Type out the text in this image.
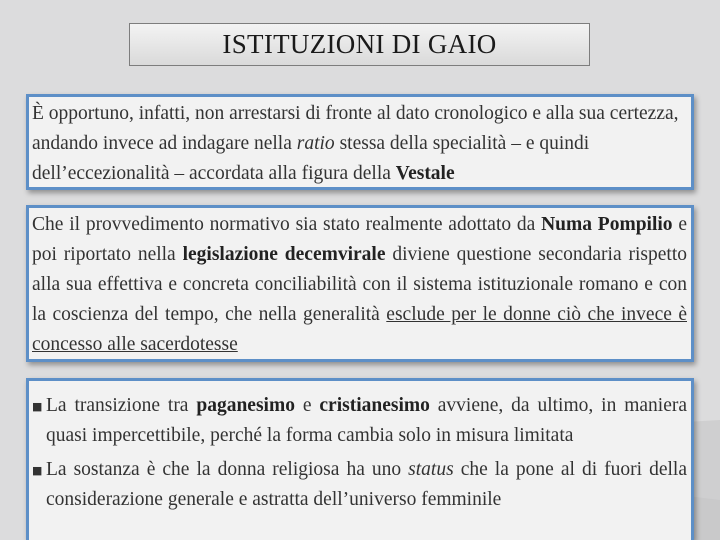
ISTITUZIONI DI GAIO

È opportuno, infatti, non arrestarsi di fronte al dato cronologico e alla sua certezza, andando invece ad indagare nella ratio stessa della specialità – e quindi dell’eccezionalità – accordata alla figura della Vestale

Che il provvedimento normativo sia stato realmente adottato da Numa Pompilio e poi riportato nella legislazione decemvirale diviene questione secondaria rispetto alla sua effettiva e concreta conciliabilità con il sistema istituzionale romano e con la coscienza del tempo, che nella generalità esclude per le donne ciò che invece è concesso alle sacerdotesse

■ La transizione tra paganesimo e cristianesimo avviene, da ultimo, in maniera quasi impercettibile, perché la forma cambia solo in misura limitata
■ La sostanza è che la donna religiosa ha uno status che la pone al di fuori della considerazione generale e astratta dell’universo femminile
